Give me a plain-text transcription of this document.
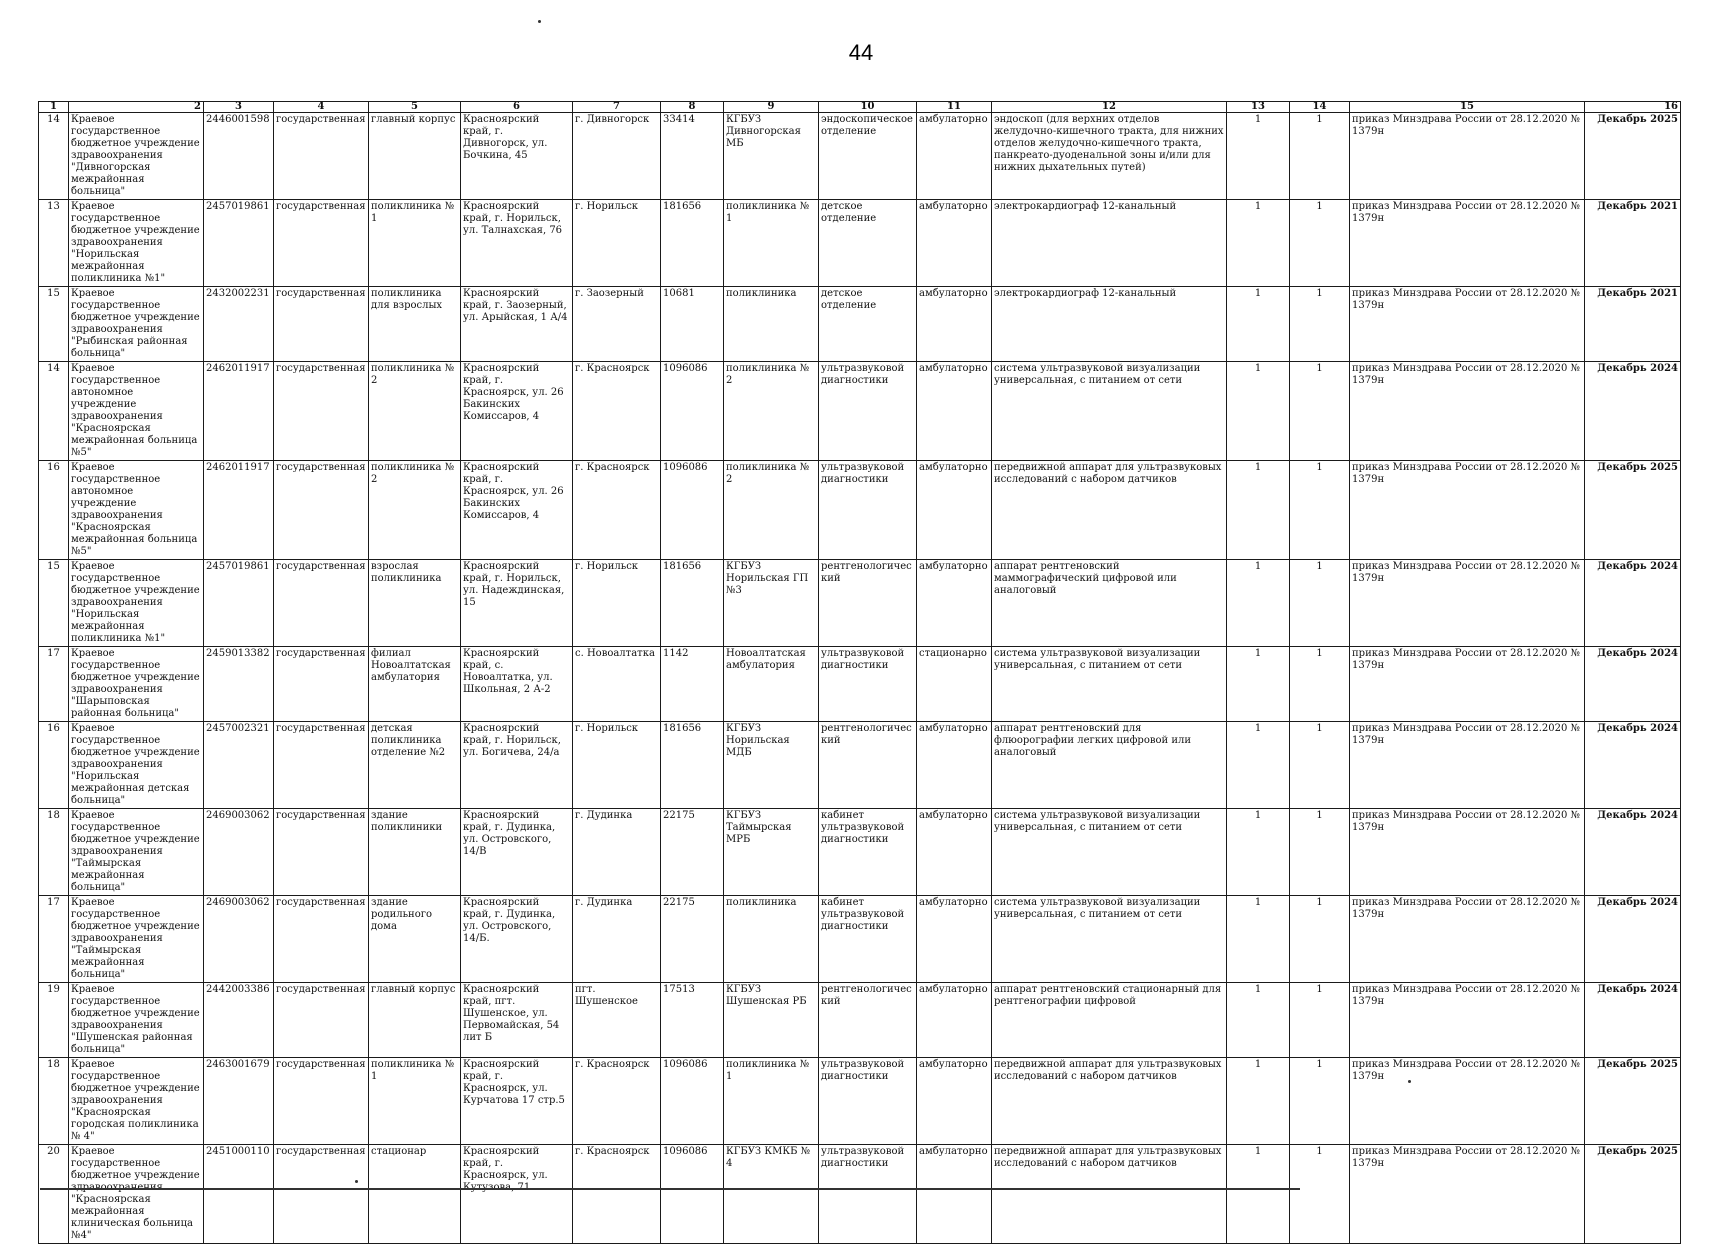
44
1	2	3	4	5	6	7	8	9	10	11	12	13	14	15	16
14	Краевое государственное бюджетное учреждение здравоохранения "Дивногорская межрайонная больница"	2446001598	государственная	главный корпус	Красноярский край, г. Дивногорск, ул. Бочкина, 45	г. Дивногорск	33414	КГБУЗ Дивногорская МБ	эндоскопическое отделение	амбулаторно	эндоскоп (для верхних отделов желудочно-кишечного тракта, для нижних отделов желудочно-кишечного тракта, панкреато-дуоденальной зоны и/или для нижних дыхательных путей)	1	1	приказ Минздрава России от 28.12.2020 № 1379н	Декабрь 2025
13	Краевое государственное бюджетное учреждение здравоохранения "Норильская межрайонная поликлиника №1"	2457019861	государственная	поликлиника № 1	Красноярский край, г. Норильск, ул. Талнахская, 76	г. Норильск	181656	поликлиника № 1	детское отделение	амбулаторно	электрокардиограф 12-канальный	1	1	приказ Минздрава России от 28.12.2020 № 1379н	Декабрь 2021
15	Краевое государственное бюджетное учреждение здравоохранения "Рыбинская районная больница"	2432002231	государственная	поликлиника для взрослых	Красноярский край, г. Заозерный, ул. Арыйская, 1 А/4	г. Заозерный	10681	поликлиника	детское отделение	амбулаторно	электрокардиограф 12-канальный	1	1	приказ Минздрава России от 28.12.2020 № 1379н	Декабрь 2021
14	Краевое государственное автономное учреждение здравоохранения "Красноярская межрайонная больница №5"	2462011917	государственная	поликлиника № 2	Красноярский край, г. Красноярск, ул. 26 Бакинских Комиссаров, 4	г. Красноярск	1096086	поликлиника № 2	ультразвуковой диагностики	амбулаторно	система ультразвуковой визуализации универсальная, с питанием от сети	1	1	приказ Минздрава России от 28.12.2020 № 1379н	Декабрь 2024
16	Краевое государственное автономное учреждение здравоохранения "Красноярская межрайонная больница №5"	2462011917	государственная	поликлиника № 2	Красноярский край, г. Красноярск, ул. 26 Бакинских Комиссаров, 4	г. Красноярск	1096086	поликлиника № 2	ультразвуковой диагностики	амбулаторно	передвижной аппарат для ультразвуковых исследований с набором датчиков	1	1	приказ Минздрава России от 28.12.2020 № 1379н	Декабрь 2025
15	Краевое государственное бюджетное учреждение здравоохранения "Норильская межрайонная поликлиника №1"	2457019861	государственная	взрослая поликлиника	Красноярский край, г. Норильск, ул. Надеждинская, 15	г. Норильск	181656	КГБУЗ Норильская ГП №3	рентгенологический	амбулаторно	аппарат рентгеновский маммографический цифровой или аналоговый	1	1	приказ Минздрава России от 28.12.2020 № 1379н	Декабрь 2024
17	Краевое государственное бюджетное учреждение здравоохранения "Шарыповская районная больница"	2459013382	государственная	филиал Новоалтатская амбулатория	Красноярский край, с. Новоалтатка, ул. Школьная, 2 А-2	с. Новоалтатка	1142	Новоалтатская амбулатория	ультразвуковой диагностики	стационарно	система ультразвуковой визуализации универсальная, с питанием от сети	1	1	приказ Минздрава России от 28.12.2020 № 1379н	Декабрь 2024
16	Краевое государственное бюджетное учреждение здравоохранения "Норильская межрайонная детская больница"	2457002321	государственная	детская поликлиника отделение №2	Красноярский край, г. Норильск, ул. Богичева, 24/а	г. Норильск	181656	КГБУЗ Норильская МДБ	рентгенологический	амбулаторно	аппарат рентгеновский для флюорографии легких цифровой или аналоговый	1	1	приказ Минздрава России от 28.12.2020 № 1379н	Декабрь 2024
18	Краевое государственное бюджетное учреждение здравоохранения "Таймырская межрайонная больница"	2469003062	государственная	здание поликлиники	Красноярский край, г. Дудинка, ул. Островского, 14/В	г. Дудинка	22175	КГБУЗ Таймырская МРБ	кабинет ультразвуковой диагностики	амбулаторно	система ультразвуковой визуализации универсальная, с питанием от сети	1	1	приказ Минздрава России от 28.12.2020 № 1379н	Декабрь 2024
17	Краевое государственное бюджетное учреждение здравоохранения "Таймырская межрайонная больница"	2469003062	государственная	здание родильного дома	Красноярский край, г. Дудинка, ул. Островского, 14/Б.	г. Дудинка	22175	поликлиника	кабинет ультразвуковой диагностики	амбулаторно	система ультразвуковой визуализации универсальная, с питанием от сети	1	1	приказ Минздрава России от 28.12.2020 № 1379н	Декабрь 2024
19	Краевое государственное бюджетное учреждение здравоохранения "Шушенская районная больница"	2442003386	государственная	главный корпус	Красноярский край, пгт. Шушенское, ул. Первомайская, 54 лит Б	пгт. Шушенское	17513	КГБУЗ Шушенская РБ	рентгенологический	амбулаторно	аппарат рентгеновский стационарный для рентгенографии цифровой	1	1	приказ Минздрава России от 28.12.2020 № 1379н	Декабрь 2024
18	Краевое государственное бюджетное учреждение здравоохранения "Красноярская городская поликлиника № 4"	2463001679	государственная	поликлиника № 1	Красноярский край, г. Красноярск, ул. Курчатова 17 стр.5	г. Красноярск	1096086	поликлиника № 1	ультразвуковой диагностики	амбулаторно	передвижной аппарат для ультразвуковых исследований с набором датчиков	1	1	приказ Минздрава России от 28.12.2020 № 1379н	Декабрь 2025
20	Краевое государственное бюджетное учреждение "Красноярская межрайонная клиническая больница №4"	2451000110	государственная	стационар	Красноярский край, г. Красноярск, ул.	г. Красноярск	1096086	КГБУЗ КМКБ № 4	ультразвуковой диагностики	амбулаторно	передвижной аппарат для ультразвуковых исследований с набором датчиков	1	1	приказ Минздрава России от 28.12.2020 № 1379н	Декабрь 2025
